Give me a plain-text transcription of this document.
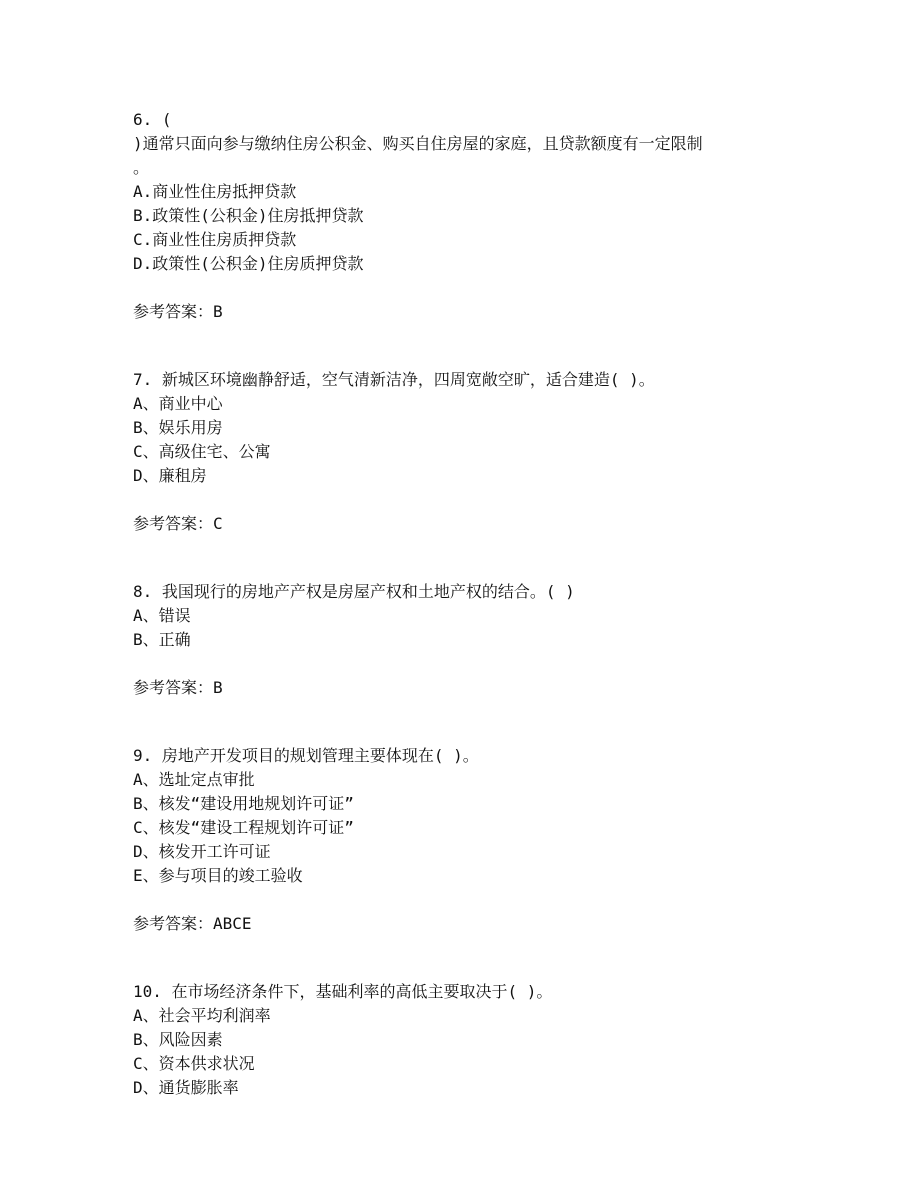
6. (
)通常只面向参与缴纳住房公积金、购买自住房屋的家庭，且贷款额度有一定限制
。
A.商业性住房抵押贷款
B.政策性(公积金)住房抵押贷款
C.商业性住房质押贷款
D.政策性(公积金)住房质押贷款
参考答案：B
7. 新城区环境幽静舒适，空气清新洁净，四周宽敞空旷，适合建造( )。
A、商业中心
B、娱乐用房
C、高级住宅、公寓
D、廉租房
参考答案：C
8. 我国现行的房地产产权是房屋产权和土地产权的结合。( )
A、错误
B、正确
参考答案：B
9. 房地产开发项目的规划管理主要体现在( )。
A、选址定点审批
B、核发“建设用地规划许可证”
C、核发“建设工程规划许可证”
D、核发开工许可证
E、参与项目的竣工验收
参考答案：ABCE
10. 在市场经济条件下，基础利率的高低主要取决于( )。
A、社会平均利润率
B、风险因素
C、资本供求状况
D、通货膨胀率
